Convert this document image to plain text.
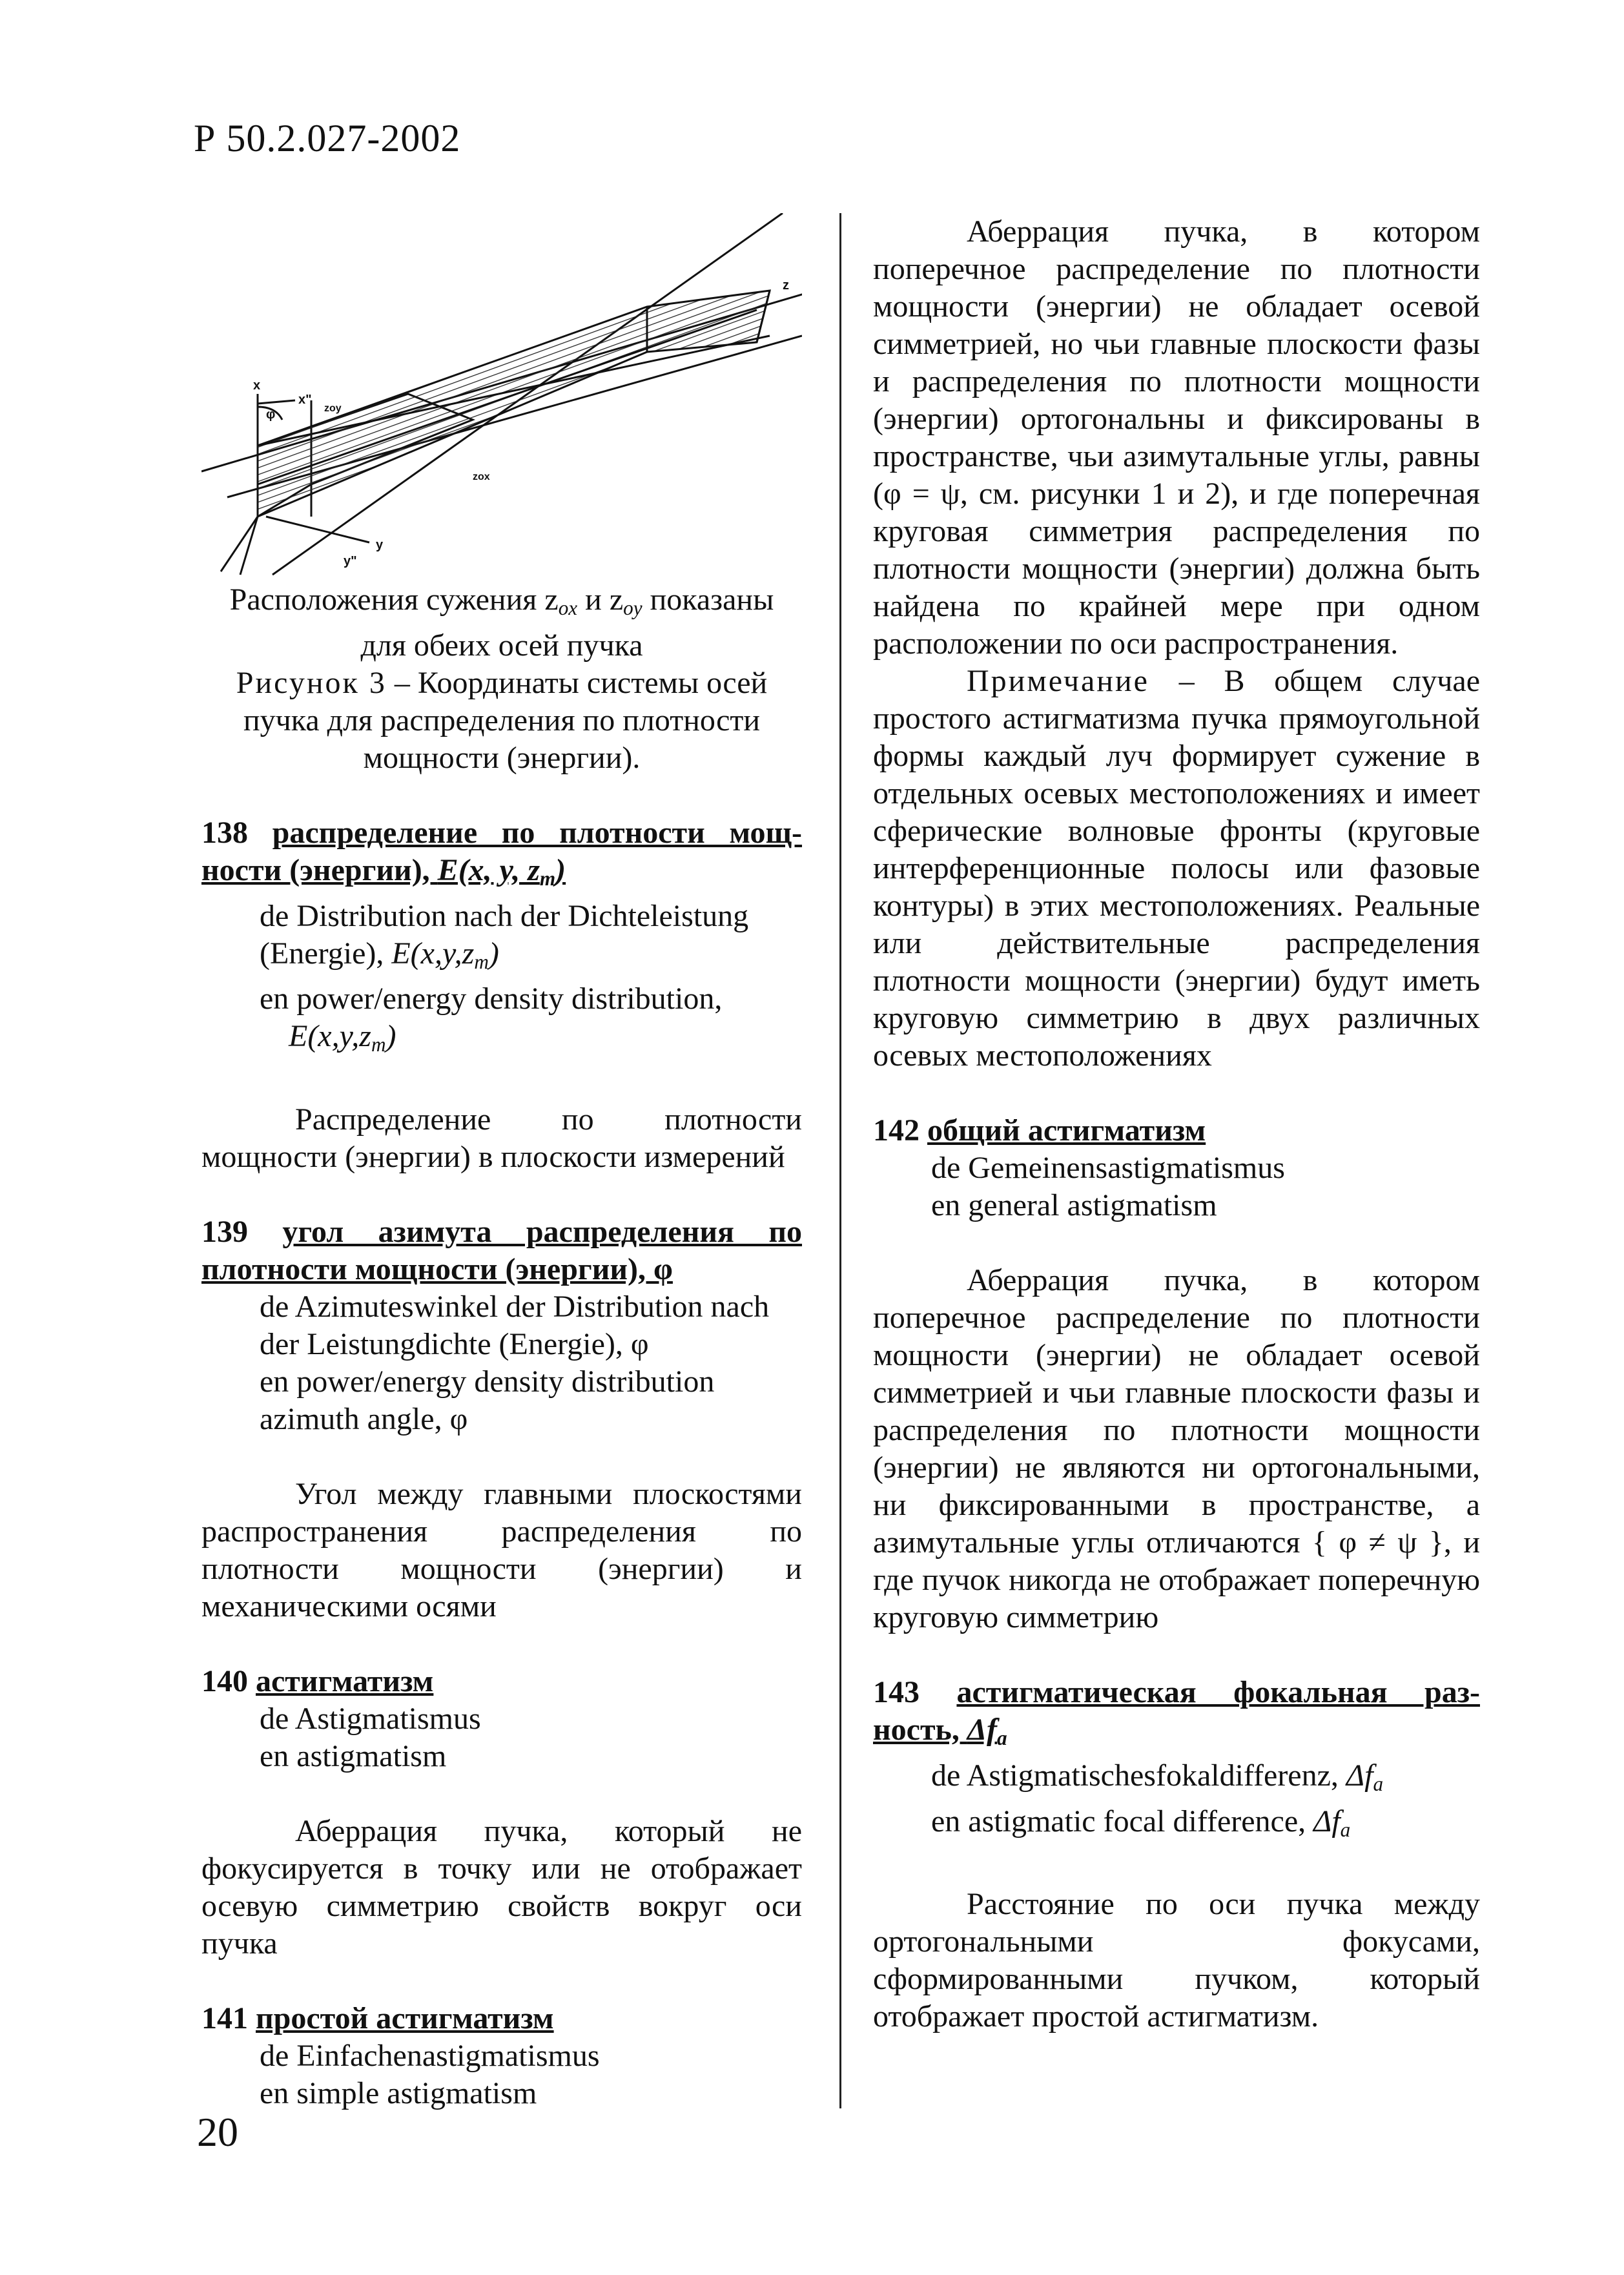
Р 50.2.027-2002
x
φ
x"
zoy
zox
y
y"
z

Расположения сужения $z_{ox}$ и $z_{oy}$ показаны

для обеих осей пучка

Рисунок 3 – Координаты системы осей

пучка для распределения по плотности

мощности (энергии).

138 распределение по плотности мощ-

ности (энергии), E(x, y, $z_m$)

de Distribution nach der Dichteleistung

(Energie), $E(x,y,z_m)$

en power/energy density distribution,

$E(x,y,z_m)$

Распределение по плотности мощности (энергии) в плоскости измерений

139 угол азимута распределения по

плотности мощности (энергии), φ

de Azimuteswinkel der Distribution nach

der Leistungdichte (Energie), φ

en power/energy density distribution

azimuth angle, φ

Угол между главными плоскостями распространения распределения по плотности мощности (энергии) и механическими осями

140 астигматизм

de Astigmatismus

en astigmatism

Аберрация пучка, который не фокусируется в точку или не отображает осевую симметрию свойств вокруг оси пучка

141 простой астигматизм

de Einfachenastigmatismus

en simple astigmatism

Аберрация пучка, в котором поперечное распределение по плотности мощности (энергии) не обладает осевой симметрией, но чьи главные плоскости фазы и распределения по плотности мощности (энергии) ортогональны и фиксированы в пространстве, чьи азимутальные углы, равны (φ = ψ, см. рисунки 1 и 2), и где поперечная круговая симметрия распределения по плотности мощности (энергии) должна быть найдена по крайней мере при одном расположении по оси распространения.

Примечание – В общем случае простого астигматизма пучка прямоугольной формы каждый луч формирует сужение в отдельных осевых местоположениях и имеет сферические волновые фронты (круговые интерференционные полосы или фазовые контуры) в этих местоположениях. Реальные или действительные распределения плотности мощности (энергии) будут иметь круговую симметрию в двух различных осевых местоположениях

142 общий астигматизм

de Gemeinensastigmatismus

en general astigmatism

Аберрация пучка, в котором поперечное распределение по плотности мощности (энергии) не обладает осевой симметрией и чьи главные плоскости фазы и распределения по плотности мощности (энергии) не являются ни ортогональными, ни фиксированными в пространстве, а азимутальные углы отличаются { φ ≠ ψ }, и где пучок никогда не отображает поперечную круговую симметрию

143 астигматическая фокальная раз-

ность, $\Delta f_a$

de Astigmatischesfokaldifferenz, $\Delta f_a$

en astigmatic focal difference, $\Delta f_a$

Расстояние по оси пучка между ортогональными фокусами, сформированными пучком, который отображает простой астигматизм.

20
